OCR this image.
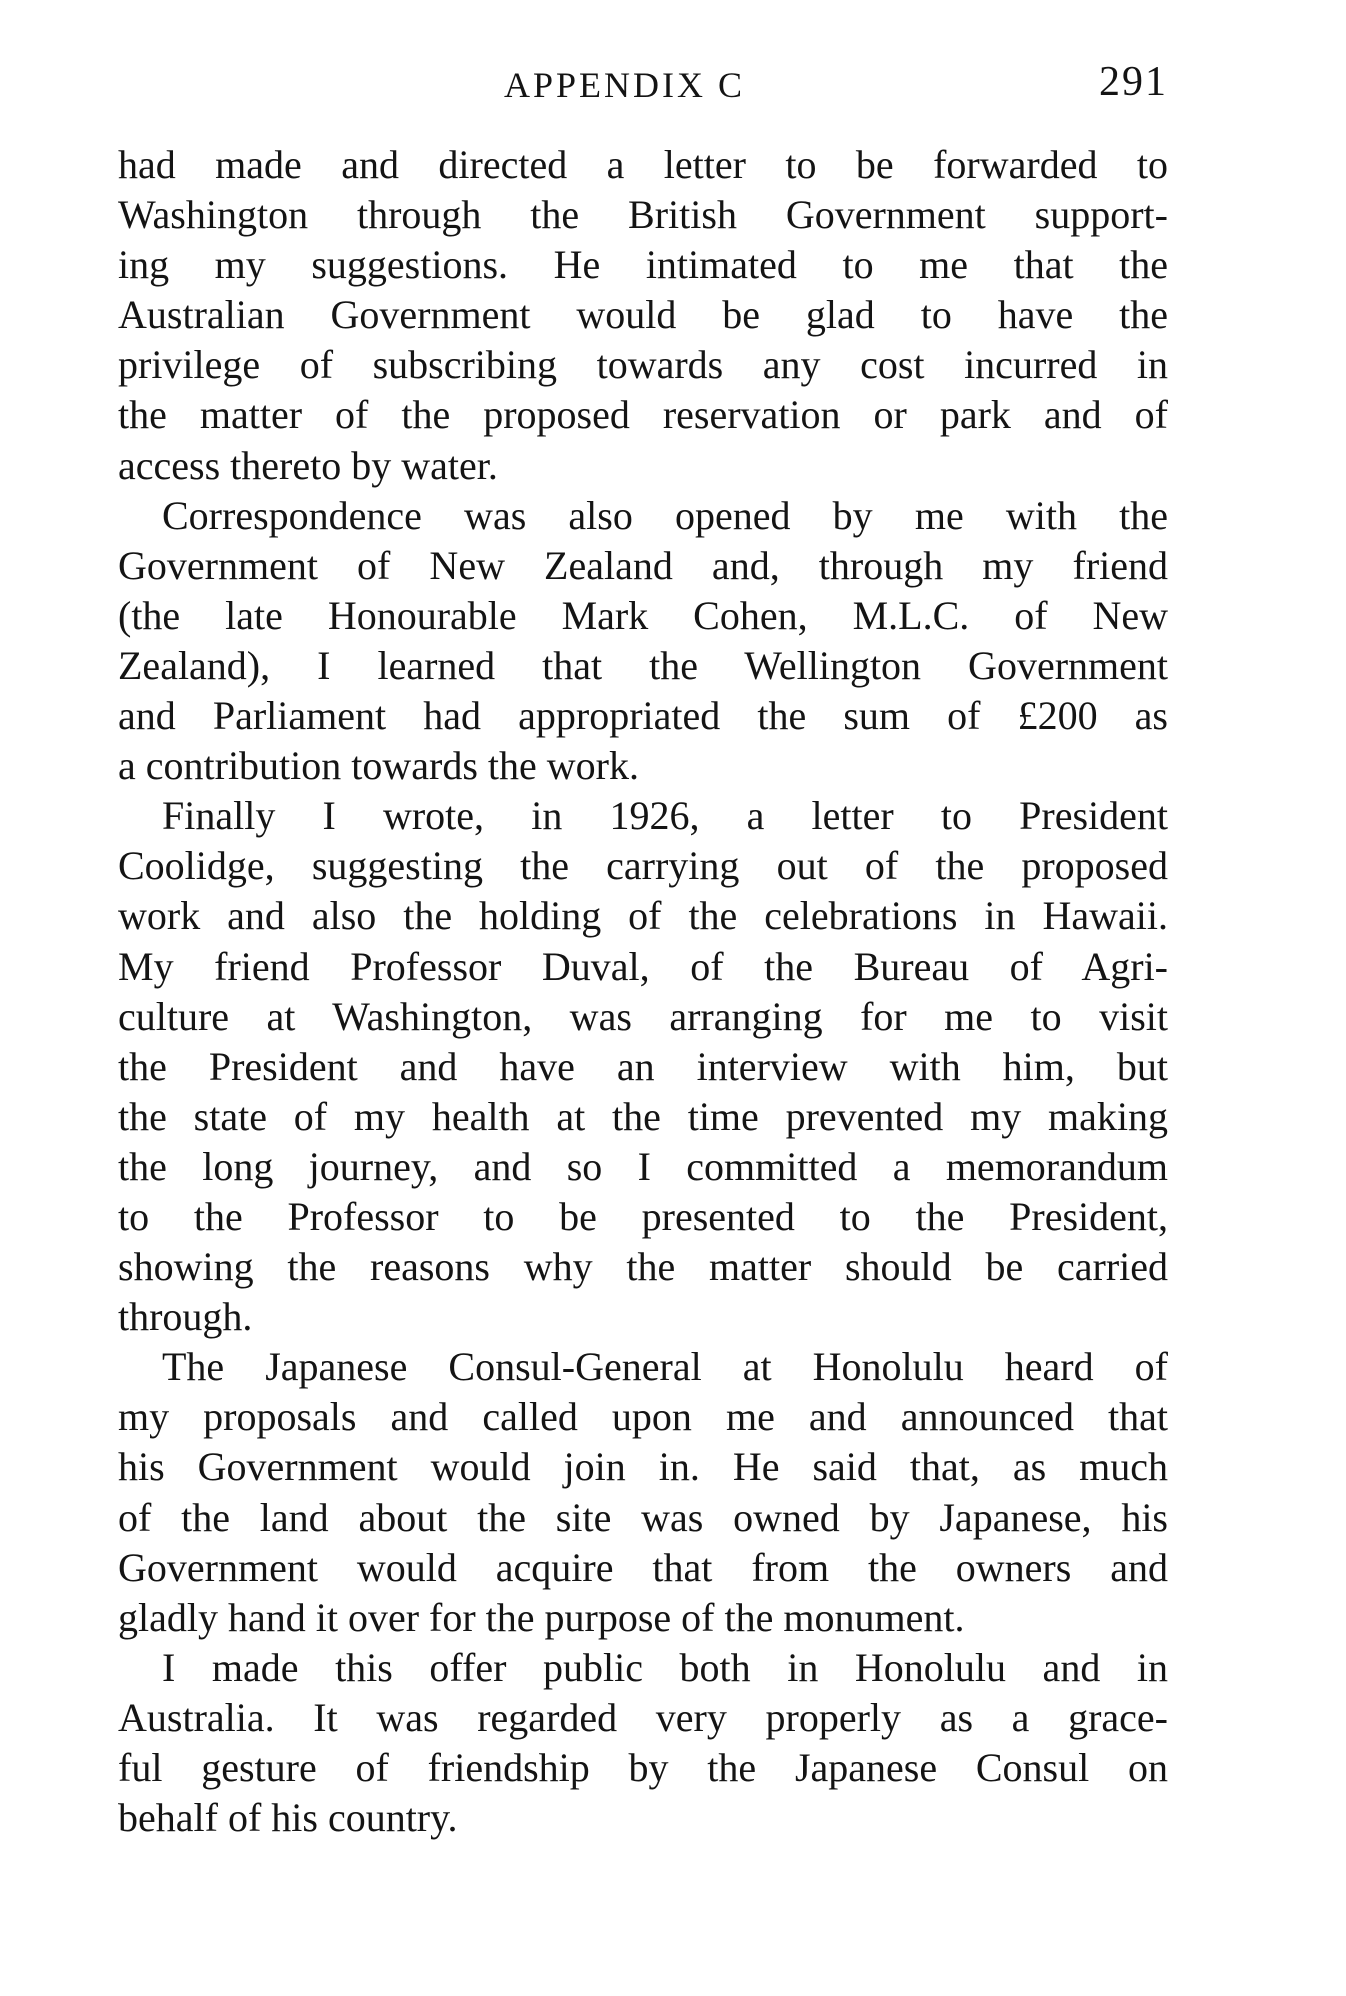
APPENDIX C	291
had made and directed a letter to be forwarded to
Washington through the British Government support-
ing my suggestions. He intimated to me that the
Australian Government would be glad to have the
privilege of subscribing towards any cost incurred in
the matter of the proposed reservation or park and of
access thereto by water.
Correspondence was also opened by me with the
Government of New Zealand and, through my friend
(the late Honourable Mark Cohen, M.L.C. of New
Zealand), I learned that the Wellington Government
and Parliament had appropriated the sum of £200 as
a contribution towards the work.
Finally I wrote, in 1926, a letter to President
Coolidge, suggesting the carrying out of the proposed
work and also the holding of the celebrations in Hawaii.
My friend Professor Duval, of the Bureau of Agri-
culture at Washington, was arranging for me to visit
the President and have an interview with him, but
the state of my health at the time prevented my making
the long journey, and so I committed a memorandum
to the Professor to be presented to the President,
showing the reasons why the matter should be carried
through.
The Japanese Consul-General at Honolulu heard of
my proposals and called upon me and announced that
his Government would join in. He said that, as much
of the land about the site was owned by Japanese, his
Government would acquire that from the owners and
gladly hand it over for the purpose of the monument.
I made this offer public both in Honolulu and in
Australia. It was regarded very properly as a grace-
ful gesture of friendship by the Japanese Consul on
behalf of his country.
